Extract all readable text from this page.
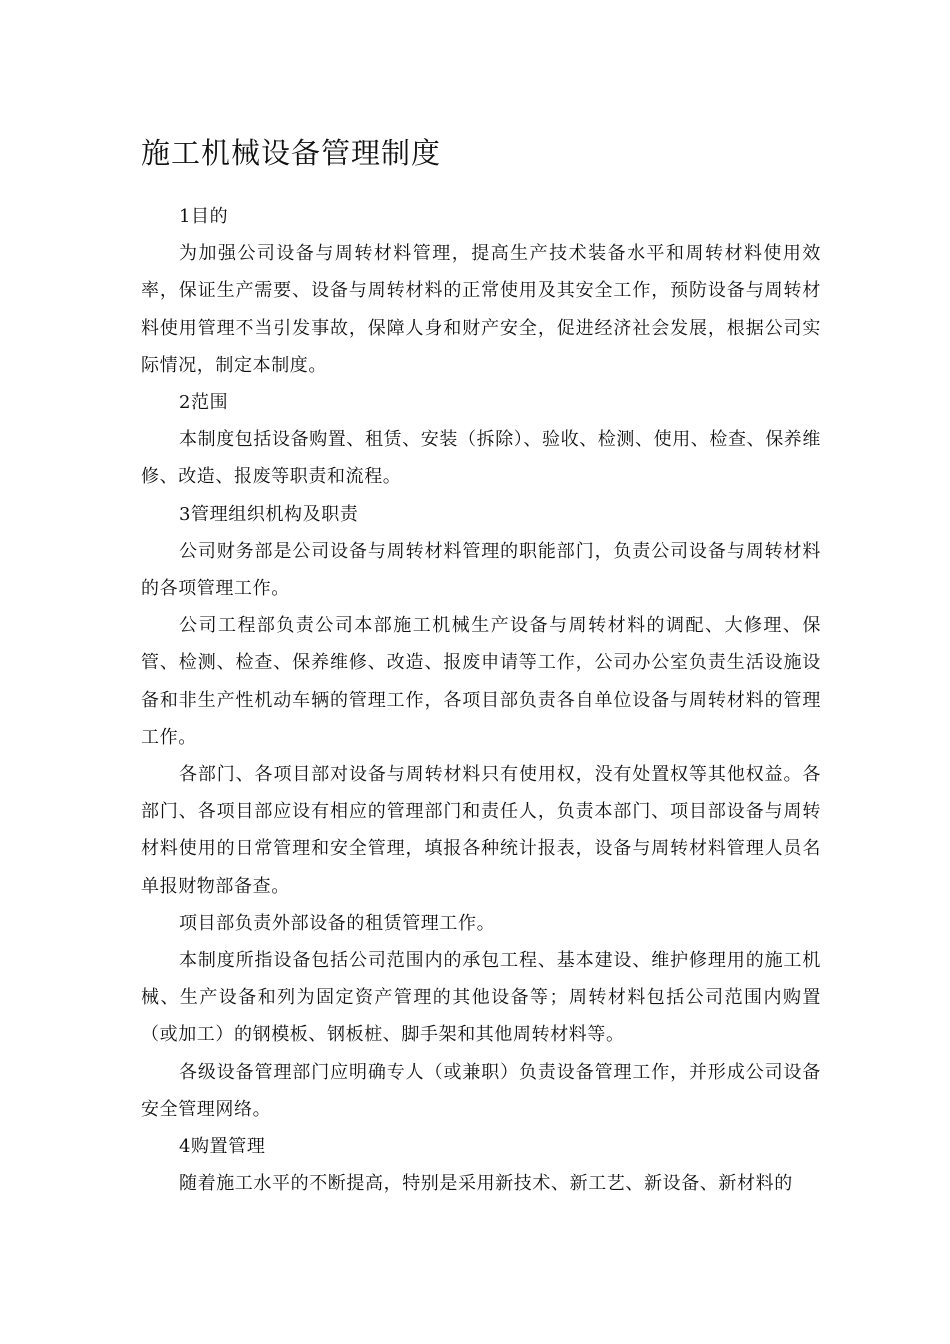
施工机械设备管理制度

1目的

为加强公司设备与周转材料管理，提高生产技术装备水平和周转材料使用效率，保证生产需要、设备与周转材料的正常使用及其安全工作，预防设备与周转材料使用管理不当引发事故，保障人身和财产安全，促进经济社会发展，根据公司实际情况，制定本制度。

2范围

本制度包括设备购置、租赁、安装（拆除）、验收、检测、使用、检查、保养维修、改造、报废等职责和流程。

3管理组织机构及职责

公司财务部是公司设备与周转材料管理的职能部门，负责公司设备与周转材料的各项管理工作。

公司工程部负责公司本部施工机械生产设备与周转材料的调配、大修理、保管、检测、检查、保养维修、改造、报废申请等工作，公司办公室负责生活设施设备和非生产性机动车辆的管理工作，各项目部负责各自单位设备与周转材料的管理工作。

各部门、各项目部对设备与周转材料只有使用权，没有处置权等其他权益。各部门、各项目部应设有相应的管理部门和责任人，负责本部门、项目部设备与周转材料使用的日常管理和安全管理，填报各种统计报表，设备与周转材料管理人员名单报财物部备查。

项目部负责外部设备的租赁管理工作。

本制度所指设备包括公司范围内的承包工程、基本建设、维护修理用的施工机械、生产设备和列为固定资产管理的其他设备等；周转材料包括公司范围内购置（或加工）的钢模板、钢板桩、脚手架和其他周转材料等。

各级设备管理部门应明确专人（或兼职）负责设备管理工作，并形成公司设备安全管理网络。

4购置管理

随着施工水平的不断提高，特别是采用新技术、新工艺、新设备、新材料的
